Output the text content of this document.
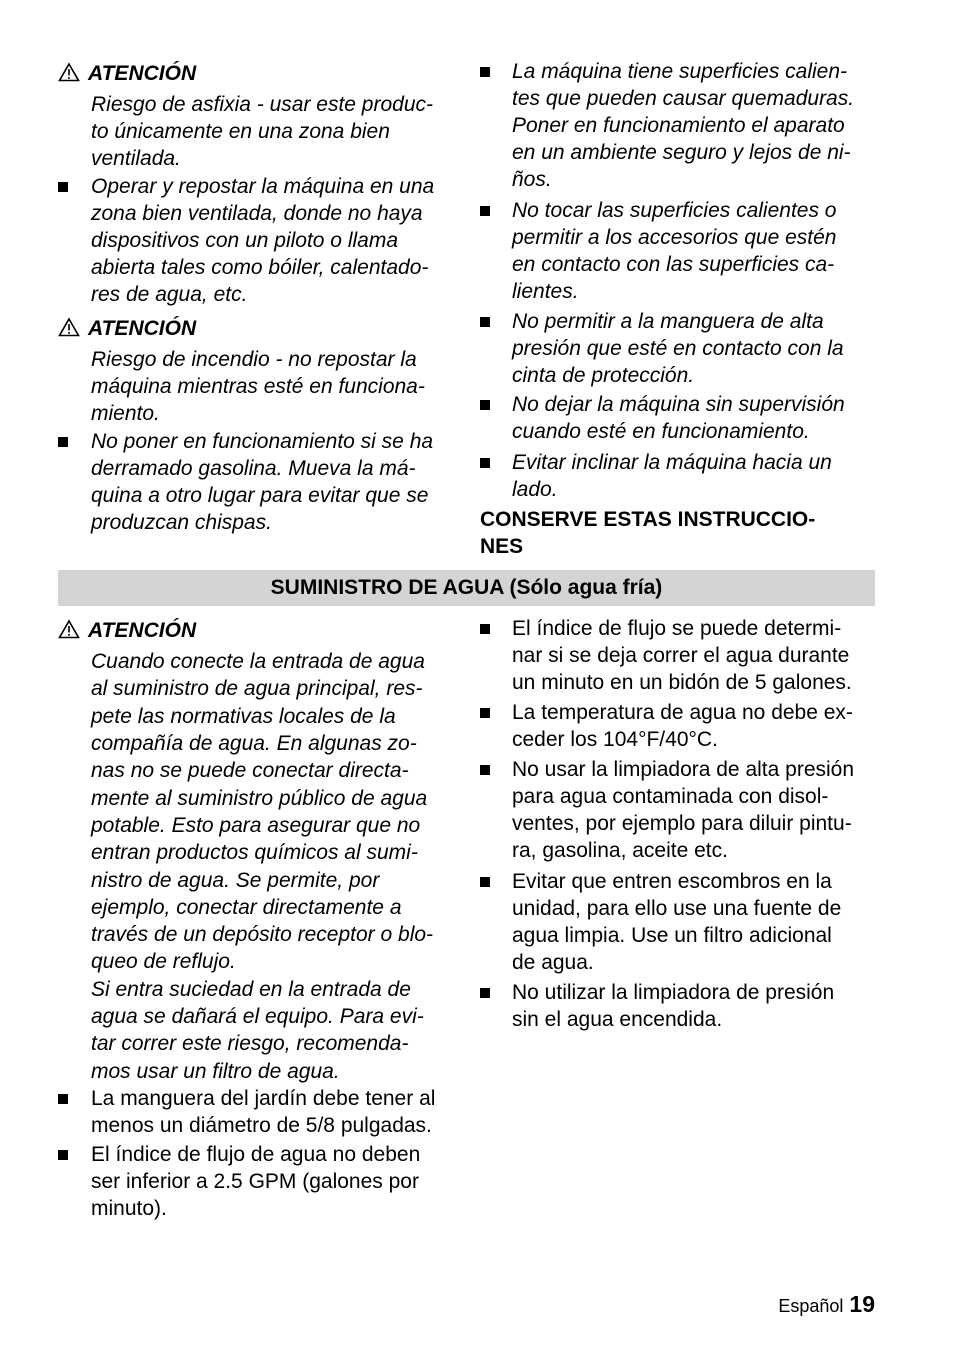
ATENCIÓN
Riesgo de asfixia - usar este produc-
to únicamente en una zona bien
ventilada.
Operar y repostar la máquina en una
zona bien ventilada, donde no haya
dispositivos con un piloto o llama
abierta tales como bóiler, calentado-
res de agua, etc.
ATENCIÓN
Riesgo de incendio - no repostar la
máquina mientras esté en funciona-
miento.
No poner en funcionamiento si se ha
derramado gasolina. Mueva la má-
quina a otro lugar para evitar que se
produzcan chispas.
La máquina tiene superficies calien-
tes que pueden causar quemaduras.
Poner en funcionamiento el aparato
en un ambiente seguro y lejos de ni-
ños.
No tocar las superficies calientes o
permitir a los accesorios que estén
en contacto con las superficies ca-
lientes.
No permitir a la manguera de alta
presión que esté en contacto con la
cinta de protección.
No dejar la máquina sin supervisión
cuando esté en funcionamiento.
Evitar inclinar la máquina hacia un
lado.
CONSERVE ESTAS INSTRUCCIO-
NES
SUMINISTRO DE AGUA (Sólo agua fría)
ATENCIÓN
Cuando conecte la entrada de agua
al suministro de agua principal, res-
pete las normativas locales de la
compañía de agua. En algunas zo-
nas no se puede conectar directa-
mente al suministro público de agua
potable. Esto para asegurar que no
entran productos químicos al sumi-
nistro de agua. Se permite, por
ejemplo, conectar directamente a
través de un depósito receptor o blo-
queo de reflujo.
Si entra suciedad en la entrada de
agua se dañará el equipo. Para evi-
tar correr este riesgo, recomenda-
mos usar un filtro de agua.
La manguera del jardín debe tener al
menos un diámetro de 5/8 pulgadas.
El índice de flujo de agua no deben
ser inferior a 2.5 GPM (galones por
minuto).
El índice de flujo se puede determi-
nar si se deja correr el agua durante
un minuto en un bidón de 5 galones.
La temperatura de agua no debe ex-
ceder los 104°F/40°C.
No usar la limpiadora de alta presión
para agua contaminada con disol-
ventes, por ejemplo para diluir pintu-
ra, gasolina, aceite etc.
Evitar que entren escombros en la
unidad, para ello use una fuente de
agua limpia. Use un filtro adicional
de agua.
No utilizar la limpiadora de presión
sin el agua encendida.
Español 19
